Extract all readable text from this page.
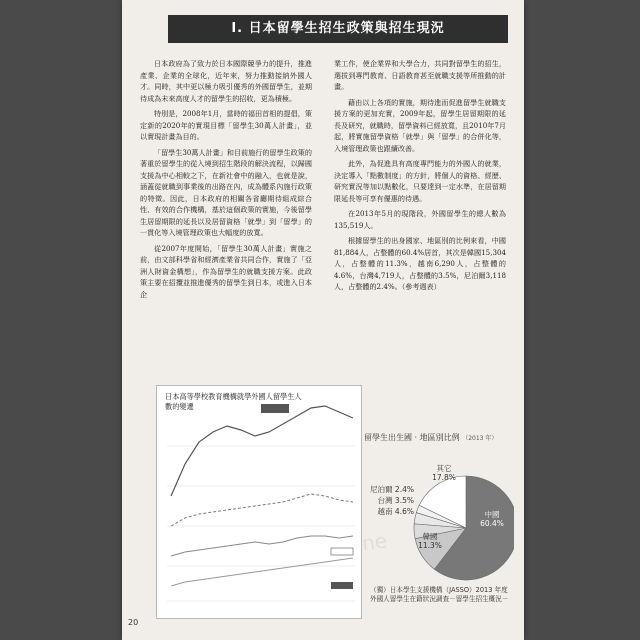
Ⅰ. 日本留學生招生政策與招生現況

日本政府為了致力於日本國際競爭力的提升，推進產業、企業的全球化，近年來，努力推動接納外國人才。同時，其中更以極力吸引優秀的外國留學生，並期待成為未來高度人才的留學生的招收，更為積極。

特別是，2008年1月，當時的福田首相的提倡，策定新的2020年的實現目標「留學生30萬人計畫」，並以實現計畫為目的。

「留學生30萬人計畫」和目前施行的留學生政策的著重於留學生的從入境到招生階段的解決流程，以歸國支援為中心相較之下，在新社會中的融入，也就是說，涵蓋從就職到事業後的出路在內，成為體系內施行政策的特徵。因此，日本政府的相關各省廳期待組成綜合性、有效的合作機構，基於這個政策的實施，今後留學生居留期限的延長以及居留資格「就學」到「留學」的一貫化等入境管理政策也大幅度的放寬。

從2007年度開始，「留學生30萬人計畫」實施之前，由文部科學省和經濟產業省共同合作，實施了「亞洲人財資金構想」，作為留學生的就職支援方案。此政策主要在招攬並推進優秀的留學生到日本，或進入日本企

業工作，使企業界和大學合力，共同對留學生的招生，選拔到專門教育、日語教育甚至就職支援等所推動的計畫。

藉由以上各項的實施，期待進而促進留學生就職支援方案的更加充實，2009年起，留學生居留期限的延長及研究，就職時，留學資料已經放寬，且2010年7月起，將實施留學資格「就學」與「留學」的合併化等，入境管理政策也跟續改善。

此外，為促進具有高度專門能力的外國人的就業，決定導入「點數制度」的方針，將個人的資格、經歷、研究實況等加以點數化，只要達到一定水準，在居留期限延長等可享有優惠的待遇。

在2013年5月的現階段，外國留學生的總人數為135,519人。

根據留學生的出身國家、地區別的比例來看，中國81,884人，占整體的60.4%居首，其次是韓國15,304人，占整體的11.3%，越南6,290人，占整體的4.6%，台灣4,719人，占整體的3.5%，尼泊爾3,118人，占整體的2.4%。（參考週表）

日本高等學校教育機構就學外國人留學生人數的變遷
留學生出生國 · 地區別比例 （2013 年）
其它
17.8%
尼泊爾 2.4%
台灣 3.5%
越南 4.6%	中國
60.4%
韓國
11.3%
（獨）日本學生支援機構（JASSO）2013 年度外國人留學生在籍狀況調查－留學生招生概況－
ne
20
